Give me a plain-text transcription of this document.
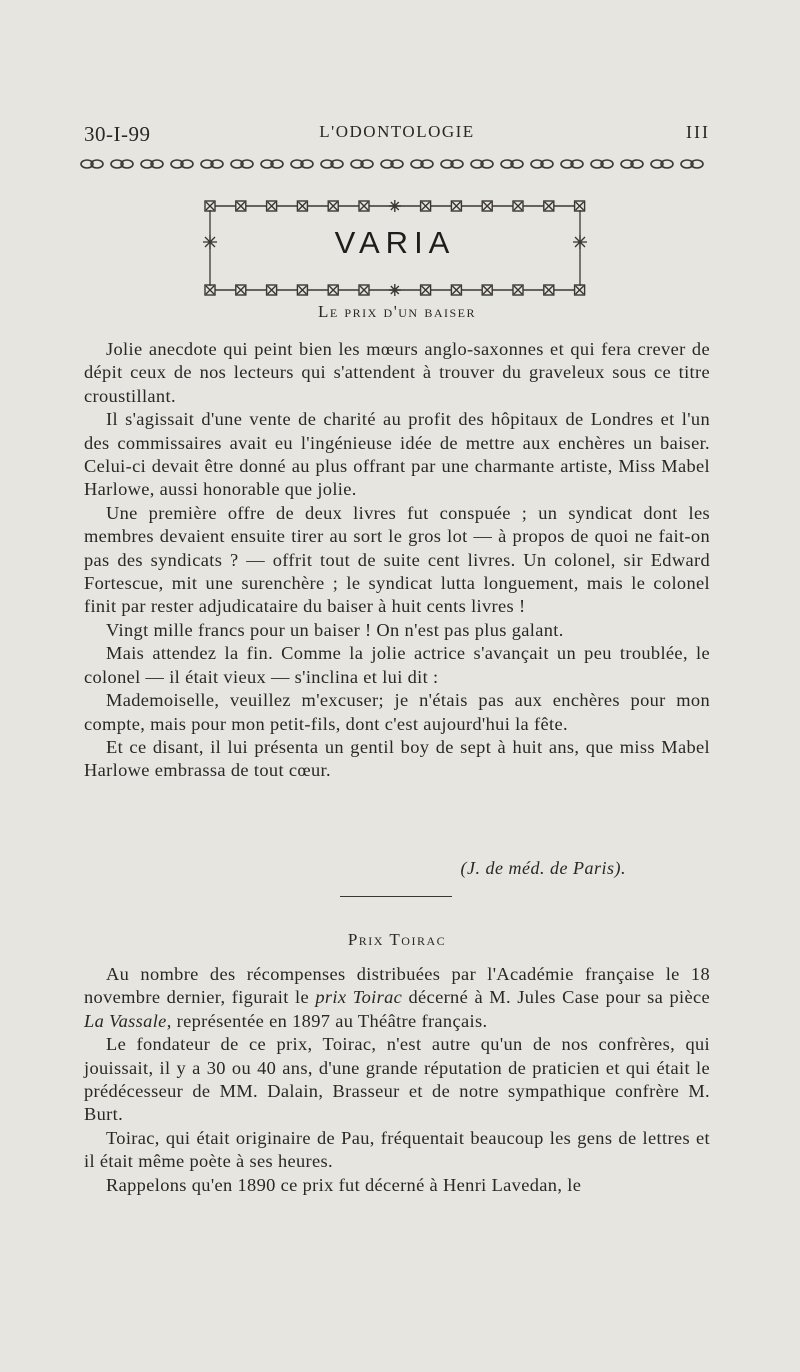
30-I-99	L'ODONTOLOGIE	III
VARIA
Le prix d'un baiser

Jolie anecdote qui peint bien les mœurs anglo-saxonnes et qui fera crever de dépit ceux de nos lecteurs qui s'attendent à trouver du graveleux sous ce titre croustillant.

Il s'agissait d'une vente de charité au profit des hôpitaux de Londres et l'un des commissaires avait eu l'ingénieuse idée de mettre aux enchères un baiser. Celui-ci devait être donné au plus offrant par une charmante artiste, Miss Mabel Harlowe, aussi honorable que jolie.

Une première offre de deux livres fut conspuée ; un syndicat dont les membres devaient ensuite tirer au sort le gros lot — à propos de quoi ne fait-on pas des syndicats ? — offrit tout de suite cent livres. Un colonel, sir Edward Fortescue, mit une surenchère ; le syndicat lutta longuement, mais le colonel finit par rester adjudicataire du baiser à huit cents livres !

Vingt mille francs pour un baiser ! On n'est pas plus galant.

Mais attendez la fin. Comme la jolie actrice s'avançait un peu troublée, le colonel — il était vieux — s'inclina et lui dit :

Mademoiselle, veuillez m'excuser; je n'étais pas aux enchères pour mon compte, mais pour mon petit-fils, dont c'est aujourd'hui la fête.

Et ce disant, il lui présenta un gentil boy de sept à huit ans, que miss Mabel Harlowe embrassa de tout cœur.

(J. de méd. de Paris).
Prix Toirac

Au nombre des récompenses distribuées par l'Académie française le 18 novembre dernier, figurait le prix Toirac décerné à M. Jules Case pour sa pièce La Vassale, représentée en 1897 au Théâtre français.

Le fondateur de ce prix, Toirac, n'est autre qu'un de nos confrères, qui jouissait, il y a 30 ou 40 ans, d'une grande réputation de praticien et qui était le prédécesseur de MM. Dalain, Brasseur et de notre sympathique confrère M. Burt.

Toirac, qui était originaire de Pau, fréquentait beaucoup les gens de lettres et il était même poète à ses heures.

Rappelons qu'en 1890 ce prix fut décerné à Henri Lavedan, le
